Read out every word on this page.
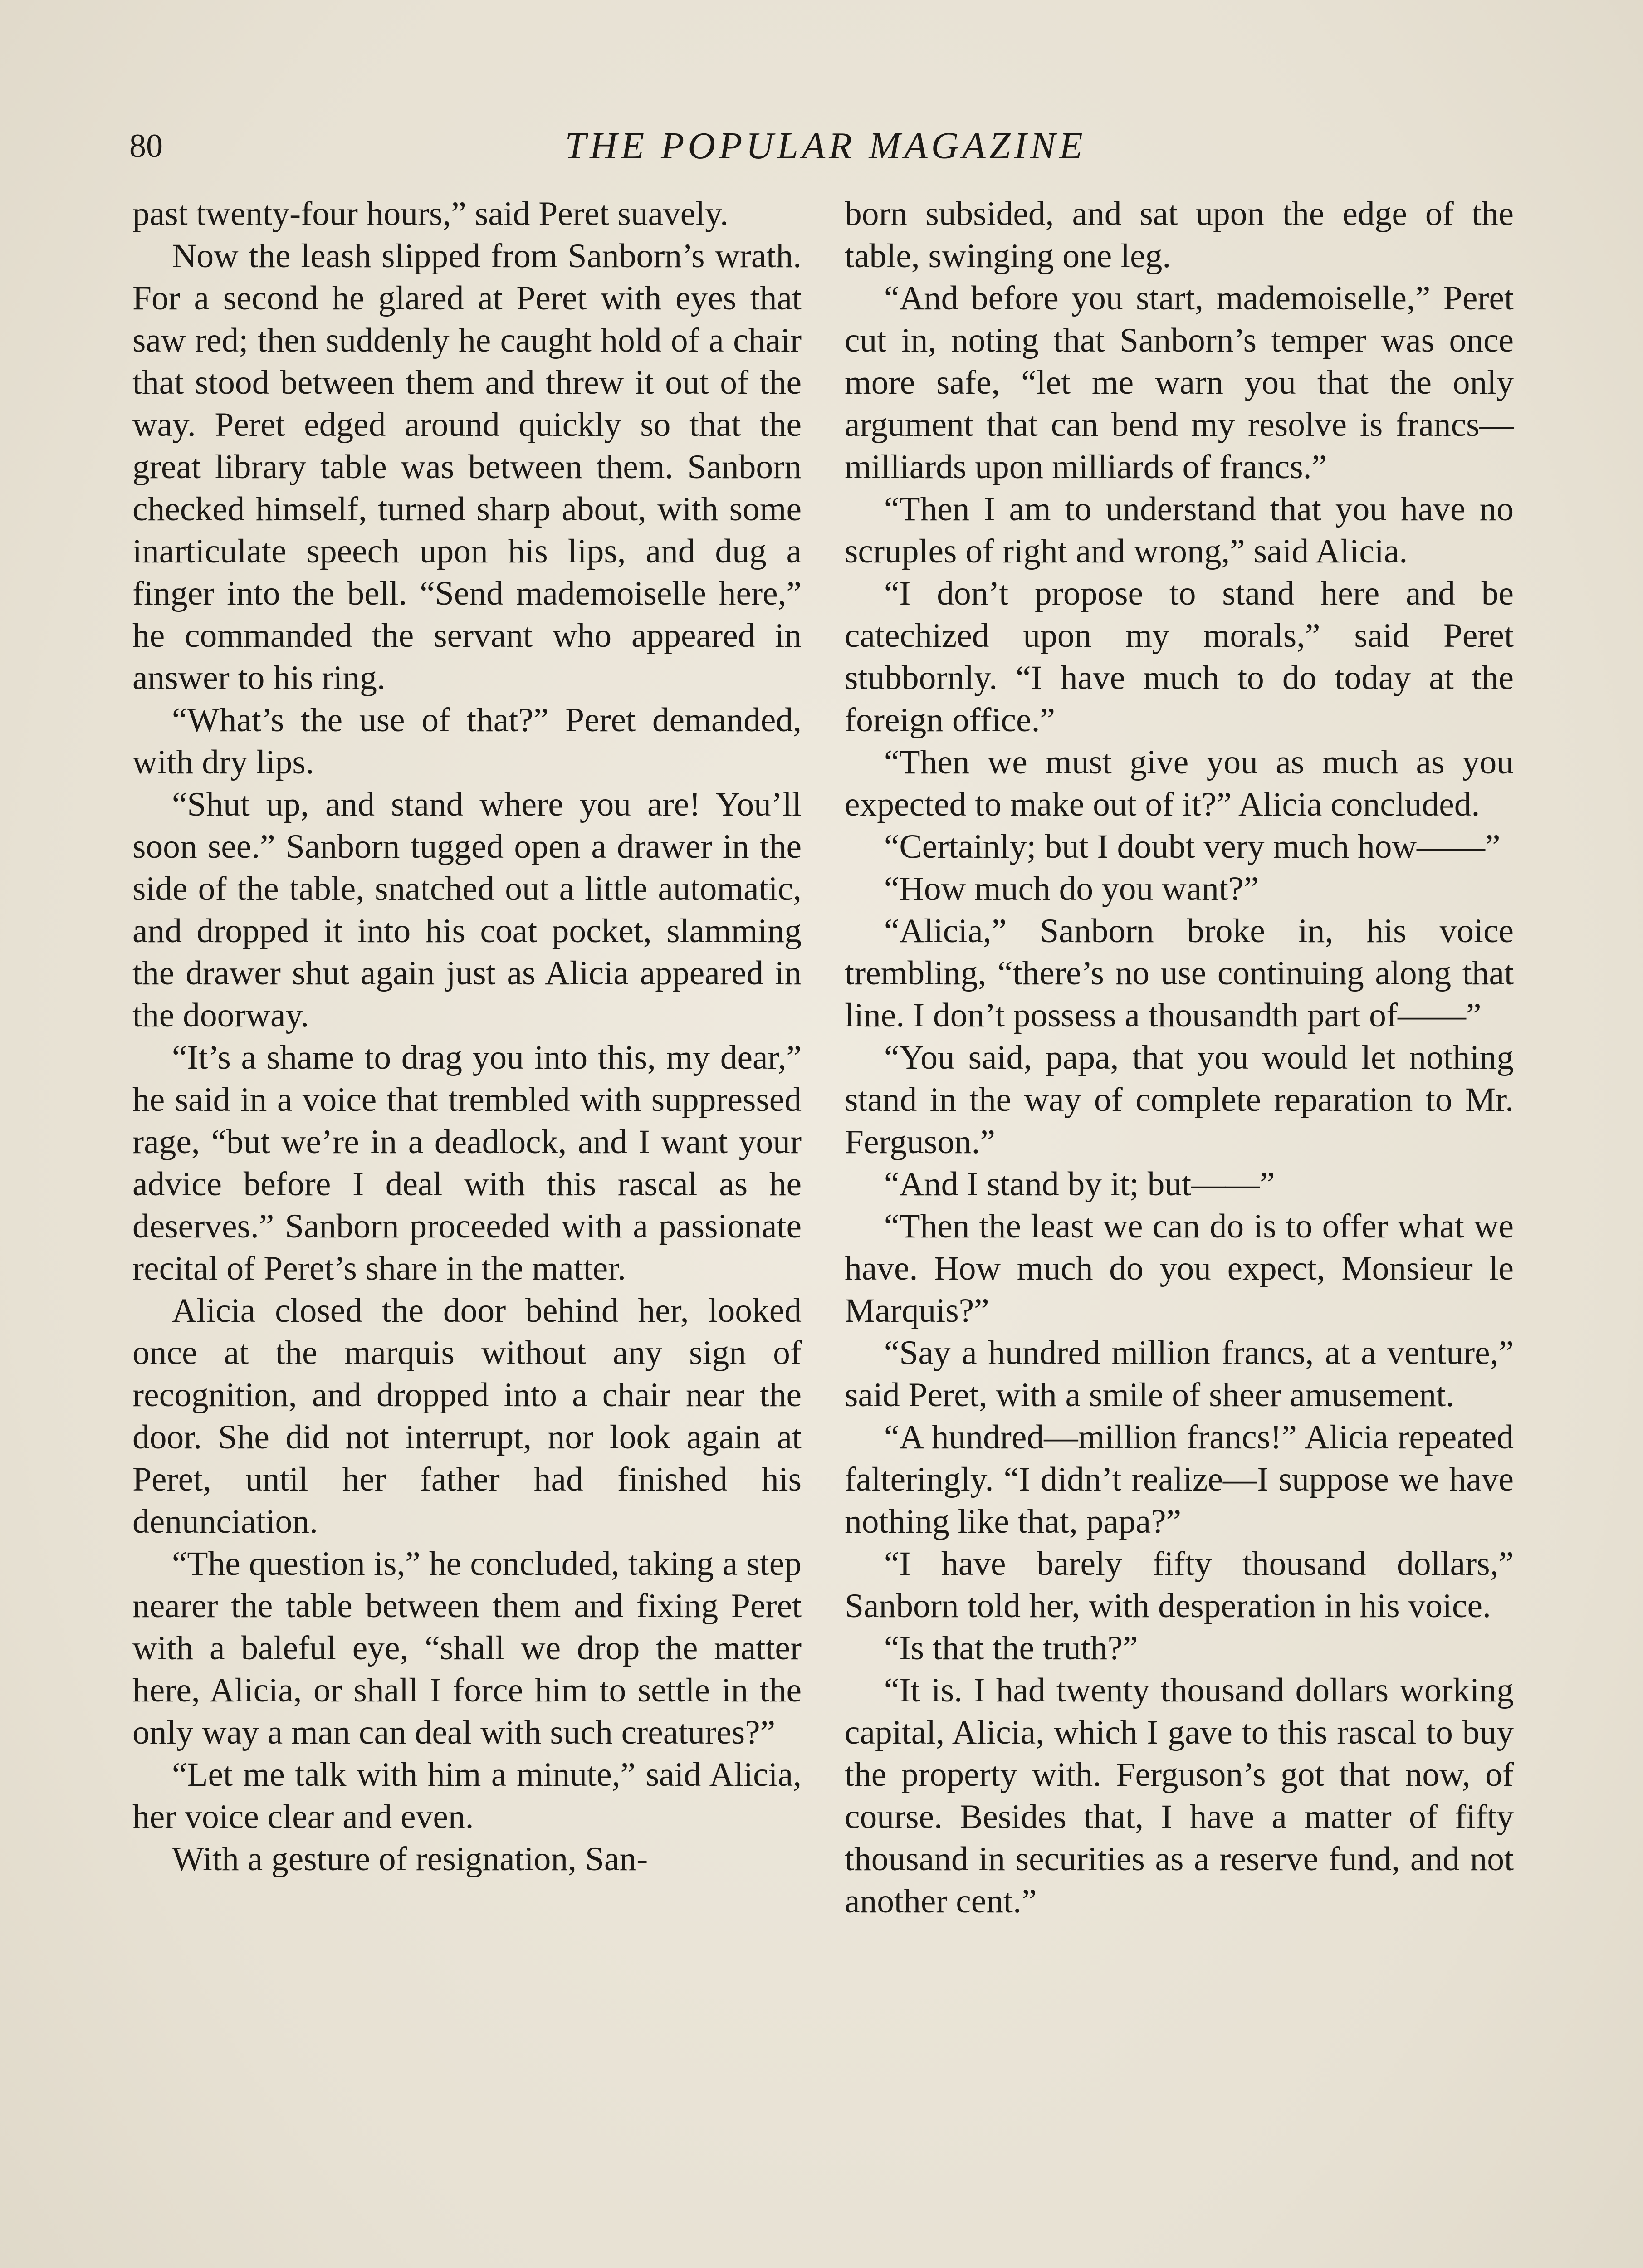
80	THE POPULAR MAGAZINE

past twenty-four hours,” said Peret suavely.

Now the leash slipped from Sanborn’s wrath. For a second he glared at Peret with eyes that saw red; then suddenly he caught hold of a chair that stood between them and threw it out of the way. Peret edged around quickly so that the great library table was between them. Sanborn checked himself, turned sharp about, with some inarticulate speech upon his lips, and dug a finger into the bell. “Send mademoiselle here,” he commanded the servant who appeared in answer to his ring.

“What’s the use of that?” Peret demanded, with dry lips.

“Shut up, and stand where you are! You’ll soon see.” Sanborn tugged open a drawer in the side of the table, snatched out a little automatic, and dropped it into his coat pocket, slamming the drawer shut again just as Alicia appeared in the doorway.

“It’s a shame to drag you into this, my dear,” he said in a voice that trembled with suppressed rage, “but we’re in a deadlock, and I want your advice before I deal with this rascal as he deserves.” Sanborn proceeded with a passionate recital of Peret’s share in the matter.

Alicia closed the door behind her, looked once at the marquis without any sign of recognition, and dropped into a chair near the door. She did not interrupt, nor look again at Peret, until her father had finished his denunciation.

“The question is,” he concluded, taking a step nearer the table between them and fixing Peret with a baleful eye, “shall we drop the matter here, Alicia, or shall I force him to settle in the only way a man can deal with such creatures?”

“Let me talk with him a minute,” said Alicia, her voice clear and even.

With a gesture of resignation, San-

born subsided, and sat upon the edge of the table, swinging one leg.

“And before you start, mademoiselle,” Peret cut in, noting that Sanborn’s temper was once more safe, “let me warn you that the only argument that can bend my resolve is francs—milliards upon milliards of francs.”

“Then I am to understand that you have no scruples of right and wrong,” said Alicia.

“I don’t propose to stand here and be catechized upon my morals,” said Peret stubbornly. “I have much to do today at the foreign office.”

“Then we must give you as much as you expected to make out of it?” Alicia concluded.

“Certainly; but I doubt very much how——”

“How much do you want?”

“Alicia,” Sanborn broke in, his voice trembling, “there’s no use continuing along that line. I don’t possess a thousandth part of——”

“You said, papa, that you would let nothing stand in the way of complete reparation to Mr. Ferguson.”

“And I stand by it; but——”

“Then the least we can do is to offer what we have. How much do you expect, Monsieur le Marquis?”

“Say a hundred million francs, at a venture,” said Peret, with a smile of sheer amusement.

“A hundred—million francs!” Alicia repeated falteringly. “I didn’t realize—I suppose we have nothing like that, papa?”

“I have barely fifty thousand dollars,” Sanborn told her, with desperation in his voice.

“Is that the truth?”

“It is. I had twenty thousand dollars working capital, Alicia, which I gave to this rascal to buy the property with. Ferguson’s got that now, of course. Besides that, I have a matter of fifty thousand in securities as a reserve fund, and not another cent.”
